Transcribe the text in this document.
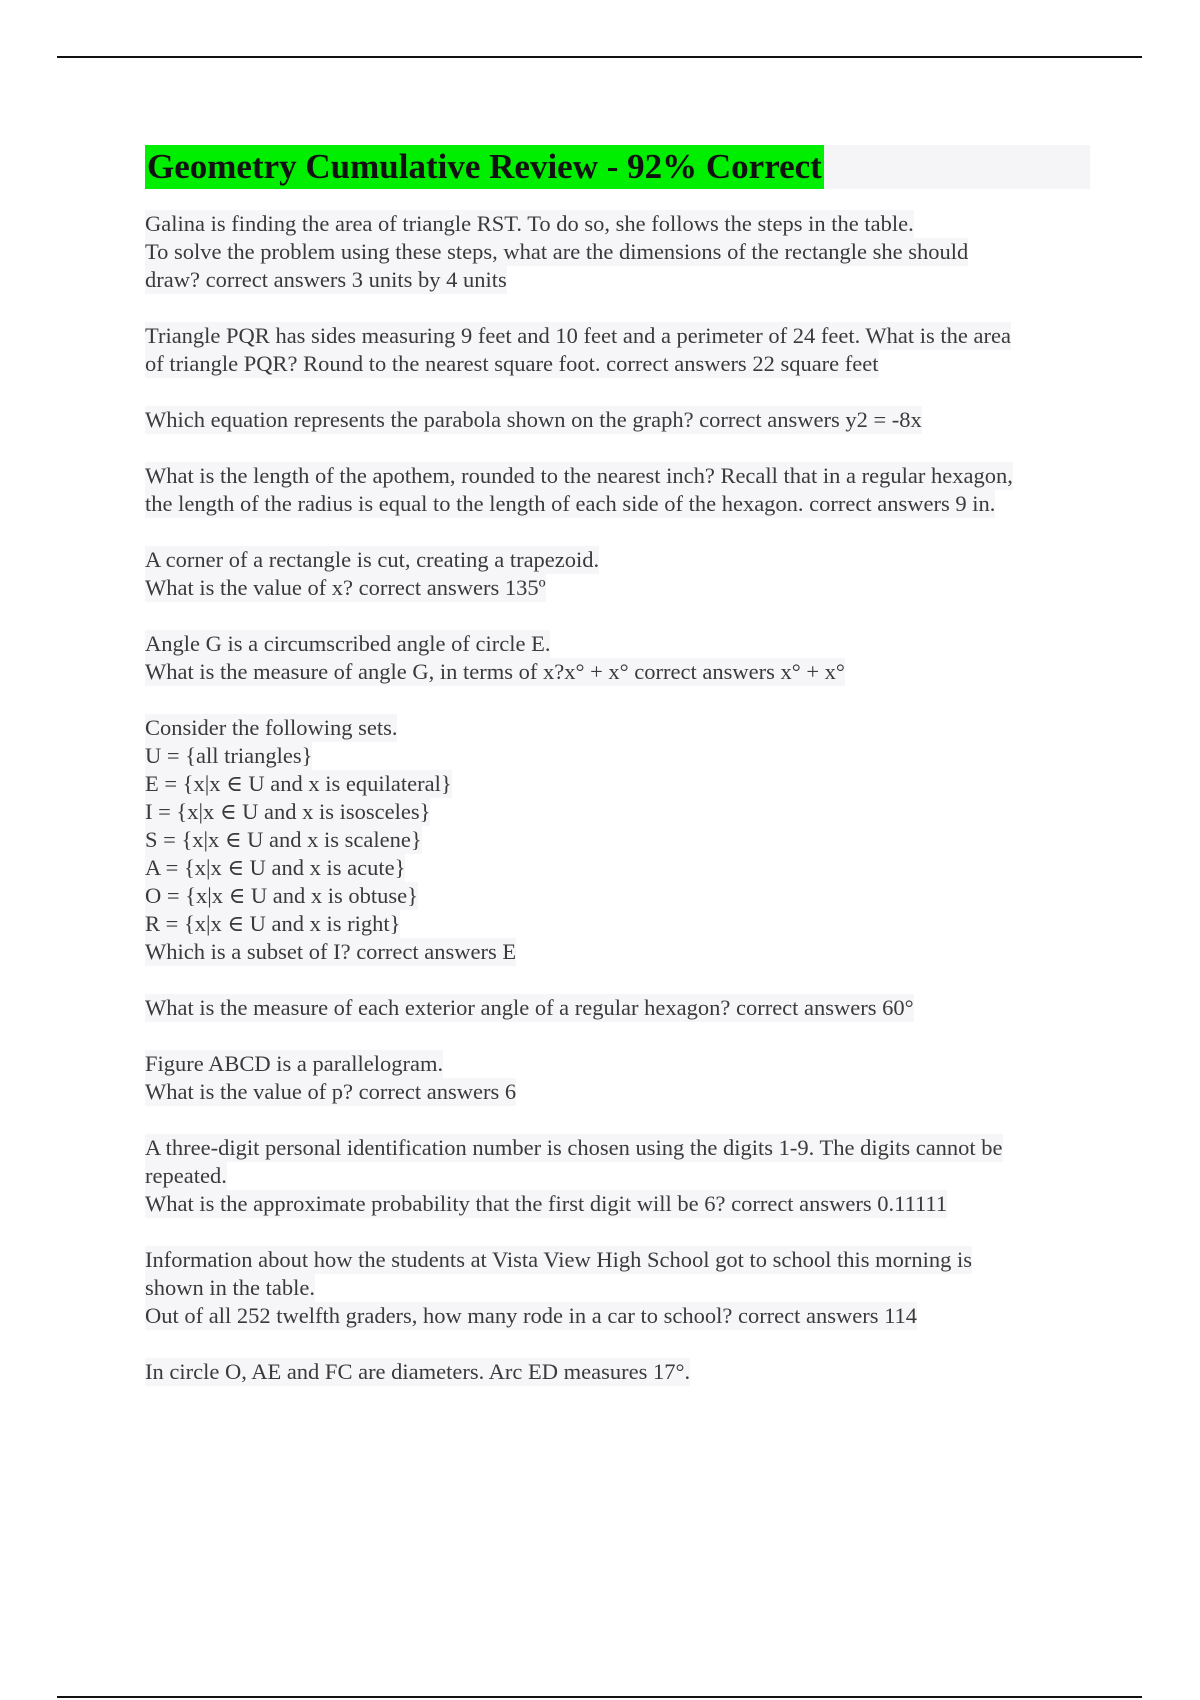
Geometry Cumulative Review - 92% Correct
Galina is finding the area of triangle RST. To do so, she follows the steps in the table.
To solve the problem using these steps, what are the dimensions of the rectangle she should
draw? correct answers 3 units by 4 units
Triangle PQR has sides measuring 9 feet and 10 feet and a perimeter of 24 feet. What is the area
of triangle PQR? Round to the nearest square foot. correct answers 22 square feet
Which equation represents the parabola shown on the graph? correct answers y2 = -8x
What is the length of the apothem, rounded to the nearest inch? Recall that in a regular hexagon,
the length of the radius is equal to the length of each side of the hexagon. correct answers 9 in.
A corner of a rectangle is cut, creating a trapezoid.
What is the value of x? correct answers 135º
Angle G is a circumscribed angle of circle E.
What is the measure of angle G, in terms of x?x° + x° correct answers x° + x°
Consider the following sets.
U = {all triangles}
E = {x|x ∈ U and x is equilateral}
I = {x|x ∈ U and x is isosceles}
S = {x|x ∈ U and x is scalene}
A = {x|x ∈ U and x is acute}
O = {x|x ∈ U and x is obtuse}
R = {x|x ∈ U and x is right}
Which is a subset of I? correct answers E
What is the measure of each exterior angle of a regular hexagon? correct answers 60°
Figure ABCD is a parallelogram.
What is the value of p? correct answers 6
A three-digit personal identification number is chosen using the digits 1-9. The digits cannot be
repeated.
What is the approximate probability that the first digit will be 6? correct answers 0.11111
Information about how the students at Vista View High School got to school this morning is
shown in the table.
Out of all 252 twelfth graders, how many rode in a car to school? correct answers 114
In circle O, AE and FC are diameters. Arc ED measures 17°.
